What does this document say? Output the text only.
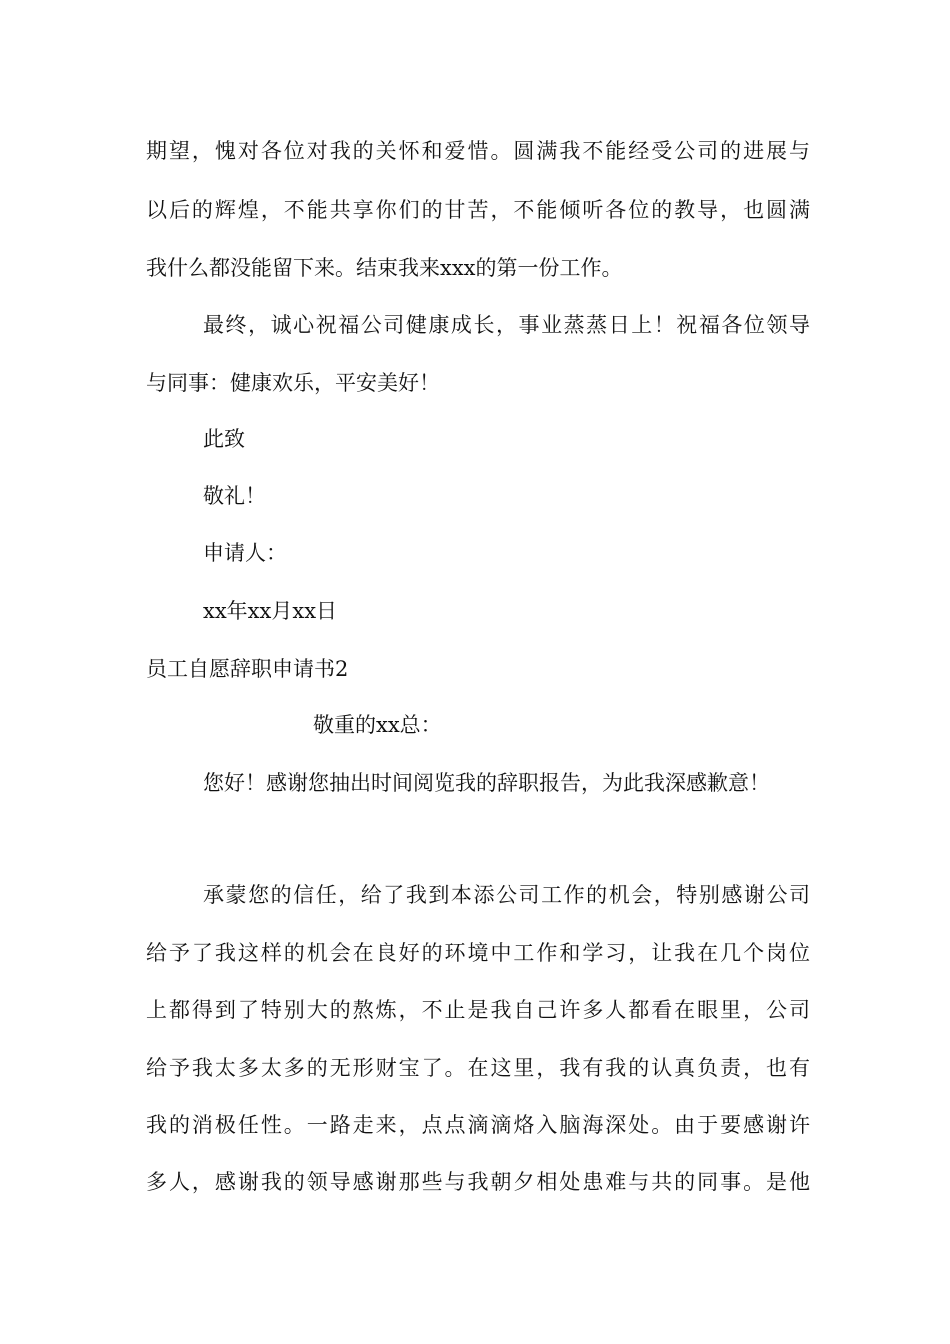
期望，愧对各位对我的关怀和爱惜。圆满我不能经受公司的进展与
以后的辉煌，不能共享你们的甘苦，不能倾听各位的教导，也圆满
我什么都没能留下来。结束我来xxx的第一份工作。
最终，诚心祝福公司健康成长，事业蒸蒸日上！祝福各位领导
与同事：健康欢乐，平安美好！
此致
敬礼！
申请人：
xx年xx月xx日
员工自愿辞职申请书2
敬重的xx总：
您好！感谢您抽出时间阅览我的辞职报告，为此我深感歉意！
承蒙您的信任，给了我到本添公司工作的机会，特别感谢公司
给予了我这样的机会在良好的环境中工作和学习，让我在几个岗位
上都得到了特别大的熬炼，不止是我自己许多人都看在眼里，公司
给予我太多太多的无形财宝了。在这里，我有我的认真负责，也有
我的消极任性。一路走来，点点滴滴烙入脑海深处。由于要感谢许
多人，感谢我的领导感谢那些与我朝夕相处患难与共的同事。是他
